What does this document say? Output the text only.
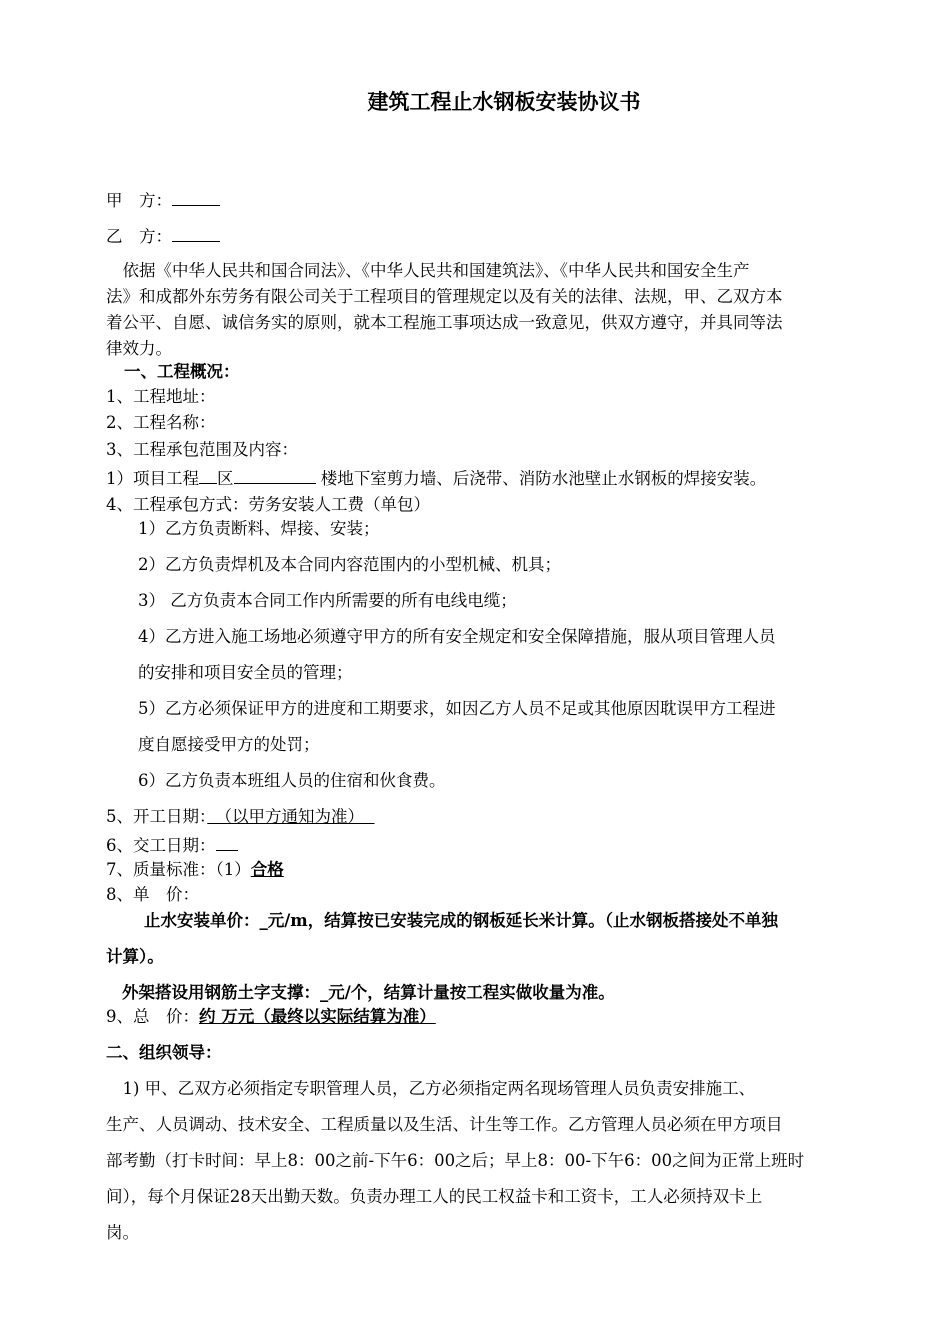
建筑工程止水钢板安装协议书
甲　方：
乙　方：
　依据《中华人民共和国合同法》、《中华人民共和国建筑法》、《中华人民共和国安全生产
法》和成都外东劳务有限公司关于工程项目的管理规定以及有关的法律、法规，甲、乙双方本
着公平、自愿、诚信务实的原则，就本工程施工事项达成一致意见，供双方遵守，并具同等法
律效力。
一、工程概况：
1、工程地址：
2、工程名称：
3、工程承包范围及内容：
1）项目工程 区	楼地下室剪力墙、后浇带、消防水池壁止水钢板的焊接安装。
4、工程承包方式：劳务安装人工费（单包）
1）乙方负责断料、焊接、安装；
2）乙方负责焊机及本合同内容范围内的小型机械、机具；
3） 乙方负责本合同工作内所需要的所有电线电缆；
4）乙方进入施工场地必须遵守甲方的所有安全规定和安全保障措施，服从项目管理人员
的安排和项目安全员的管理；
5）乙方必须保证甲方的进度和工期要求，如因乙方人员不足或其他原因耽误甲方工程进
度自愿接受甲方的处罚；
6）乙方负责本班组人员的住宿和伙食费。
5、开工日期：　（以甲方通知为准）
6、交工日期：
7、质量标准：（1）合格
8、单　价：
止水安装单价：_元/m，结算按已安装完成的钢板延长米计算。（止水钢板搭接处不单独
计算）。
外架搭设用钢筋土字支撑：_元/个，结算计量按工程实做收量为准。
9、总　价：约 万元（最终以实际结算为准）
二、组织领导：
　1) 甲、乙双方必须指定专职管理人员，乙方必须指定两名现场管理人员负责安排施工、
生产、人员调动、技术安全、工程质量以及生活、计生等工作。乙方管理人员必须在甲方项目
部考勤（打卡时间：早上8：00之前-下午6：00之后；早上8：00-下午6：00之间为正常上班时
间），每个月保证28天出勤天数。负责办理工人的民工权益卡和工资卡，工人必须持双卡上
岗。
